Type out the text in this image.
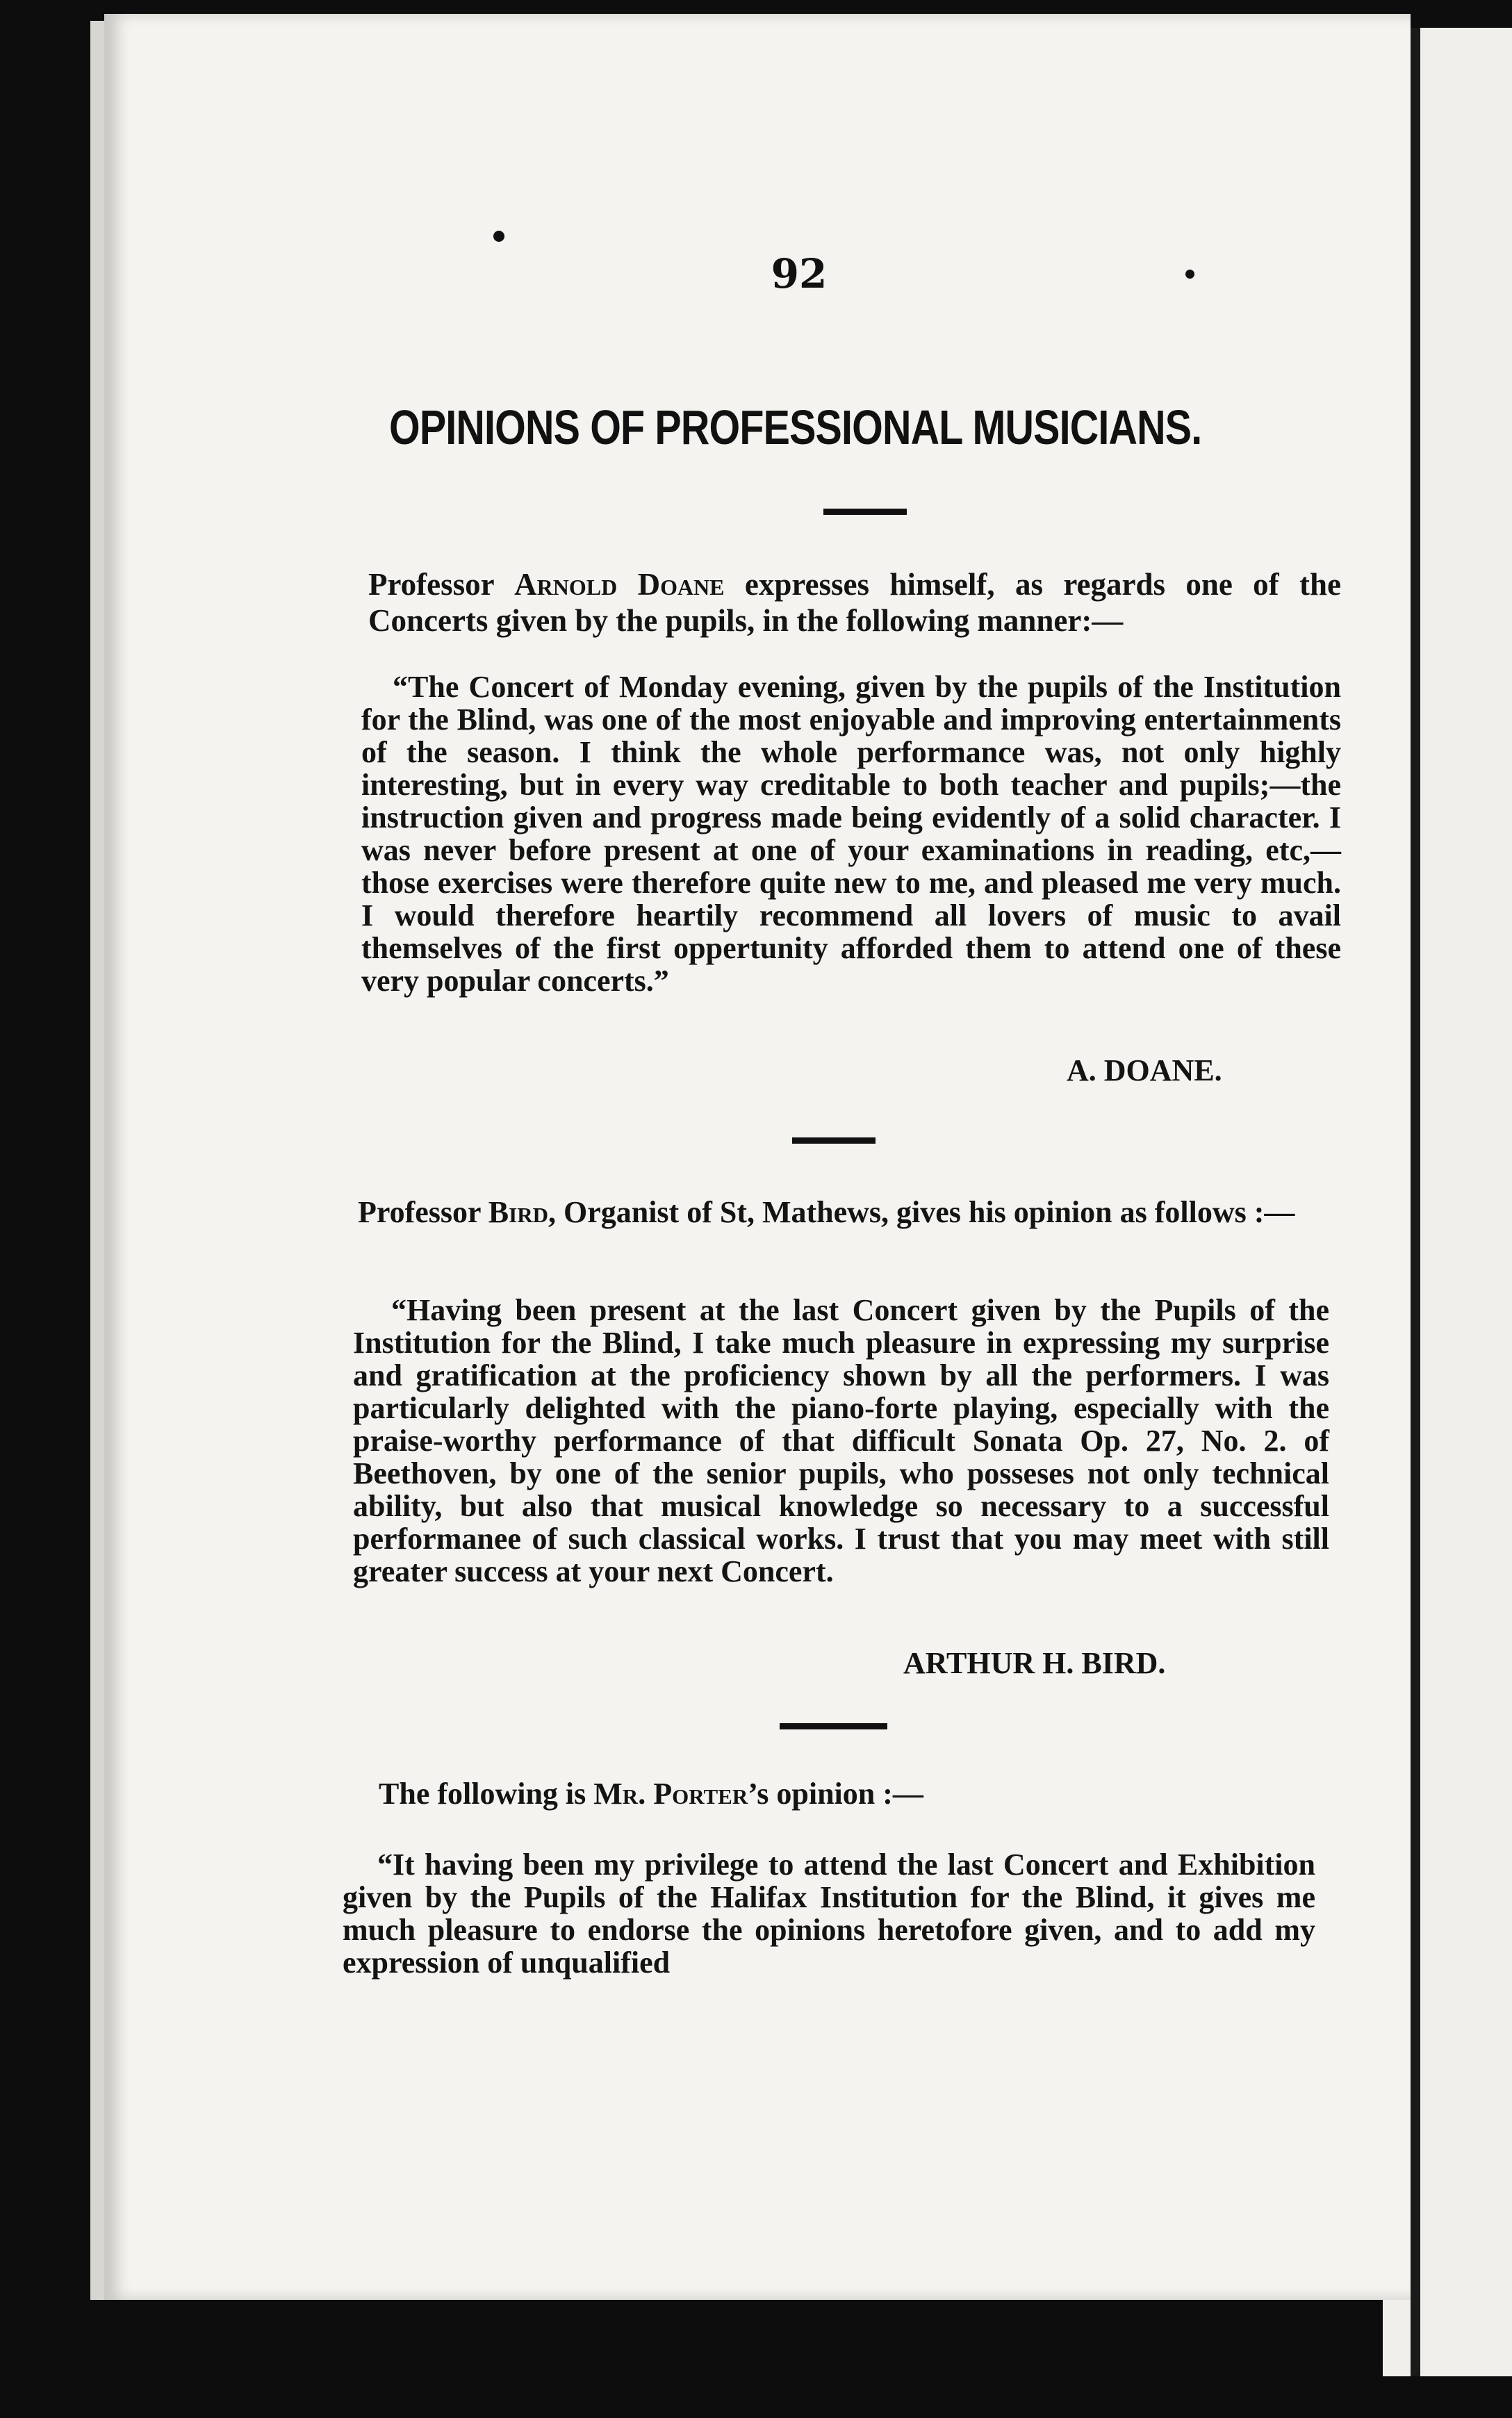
92
OPINIONS OF PROFESSIONAL MUSICIANS.
Professor Arnold Doane expresses himself, as regards one of the Concerts given by the pupils, in the following manner:—
“The Concert of Monday evening, given by the pupils of the Institution for the Blind, was one of the most enjoyable and improving entertainments of the season. I think the whole performance was, not only highly interesting, but in every way creditable to both teacher and pupils;—the instruction given and progress made being evidently of a solid character. I was never before present at one of your examinations in reading, etc,—those exercises were therefore quite new to me, and pleased me very much. I would therefore heartily recommend all lovers of music to avail themselves of the first oppertunity afforded them to attend one of these very popular concerts.”
A. DOANE.
Professor Bird, Organist of St, Mathews, gives his opinion as follows :—
“Having been present at the last Concert given by the Pupils of the Institution for the Blind, I take much pleasure in expressing my surprise and gratification at the proficiency shown by all the performers. I was particularly delighted with the piano-forte playing, especially with the praise-worthy performance of that difficult Sonata Op. 27, No. 2. of Beethoven, by one of the senior pupils, who posseses not only technical ability, but also that musical knowledge so necessary to a successful performanee of such classical works. I trust that you may meet with still greater success at your next Concert.
ARTHUR H. BIRD.
The following is Mr. Porter’s opinion :—
“It having been my privilege to attend the last Concert and Exhibition given by the Pupils of the Halifax Institution for the Blind, it gives me much pleasure to endorse the opinions heretofore given, and to add my expression of unqualified
